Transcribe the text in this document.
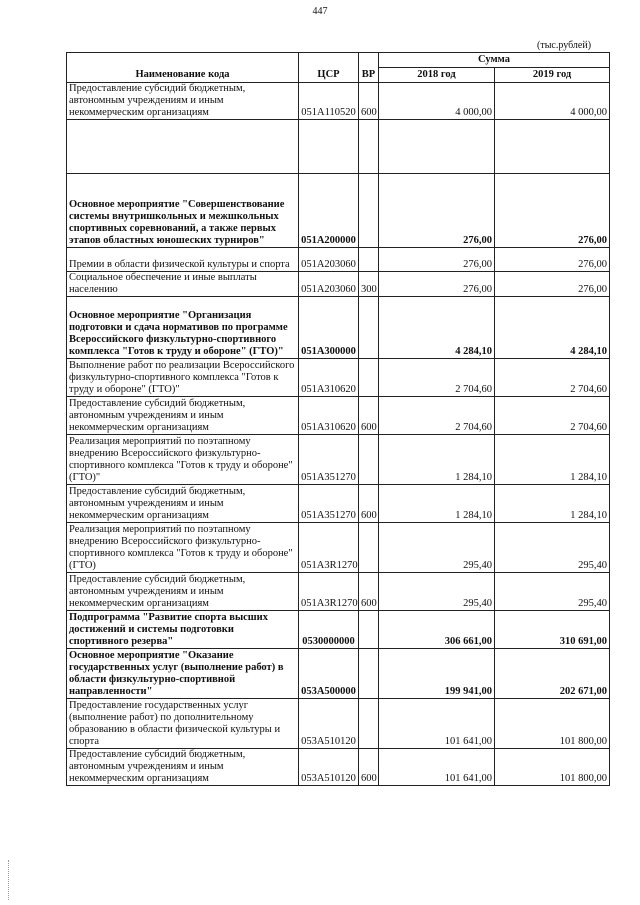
447
(тыс.рублей)
Наименование кода	ЦСР	ВР	Сумма	
			2018 год	2019 год
Предоставление субсидий бюджетным, автономным учреждениям и иным некоммерческим организациям	051А110520	600	4 000,00	4 000,00

Основное мероприятие "Совершенствование системы внутришкольных и межшкольных спортивных соревнований, а также первых этапов областных юношеских турниров"	051А200000		276,00	276,00
Премии в области физической культуры и спорта	051А203060		276,00	276,00
Социальное обеспечение и иные выплаты населению	051А203060	300	276,00	276,00
Основное мероприятие "Организация подготовки и сдача нормативов по программе Всероссийского физкультурно-спортивного комплекса "Готов к труду и обороне" (ГТО)"	051А300000		4 284,10	4 284,10
Выполнение работ по реализации Всероссийского физкультурно-спортивного комплекса "Готов к труду и обороне" (ГТО)"	051А310620		2 704,60	2 704,60
Предоставление субсидий бюджетным, автономным учреждениям и иным некоммерческим организациям	051А310620	600	2 704,60	2 704,60
Реализация мероприятий по поэтапному внедрению Всероссийского физкультурно-спортивного комплекса "Готов к труду и обороне" (ГТО)"	051А351270		1 284,10	1 284,10
Предоставление субсидий бюджетным, автономным учреждениям и иным некоммерческим организациям	051А351270	600	1 284,10	1 284,10
Реализация мероприятий по поэтапному внедрению Всероссийского физкультурно-спортивного комплекса "Готов к труду и обороне" (ГТО)	051А3R1270		295,40	295,40
Предоставление субсидий бюджетным, автономным учреждениям и иным некоммерческим организациям	051А3R1270	600	295,40	295,40
Подпрограмма "Развитие спорта высших достижений и системы подготовки спортивного резерва"	0530000000		306 661,00	310 691,00
Основное мероприятие "Оказание государственных услуг (выполнение работ) в области физкультурно-спортивной направленности"	053А500000		199 941,00	202 671,00
Предоставление государственных услуг (выполнение работ) по дополнительному образованию в области физической культуры и спорта	053А510120		101 641,00	101 800,00
Предоставление субсидий бюджетным, автономным учреждениям и иным некоммерческим организациям	053А510120	600	101 641,00	101 800,00
